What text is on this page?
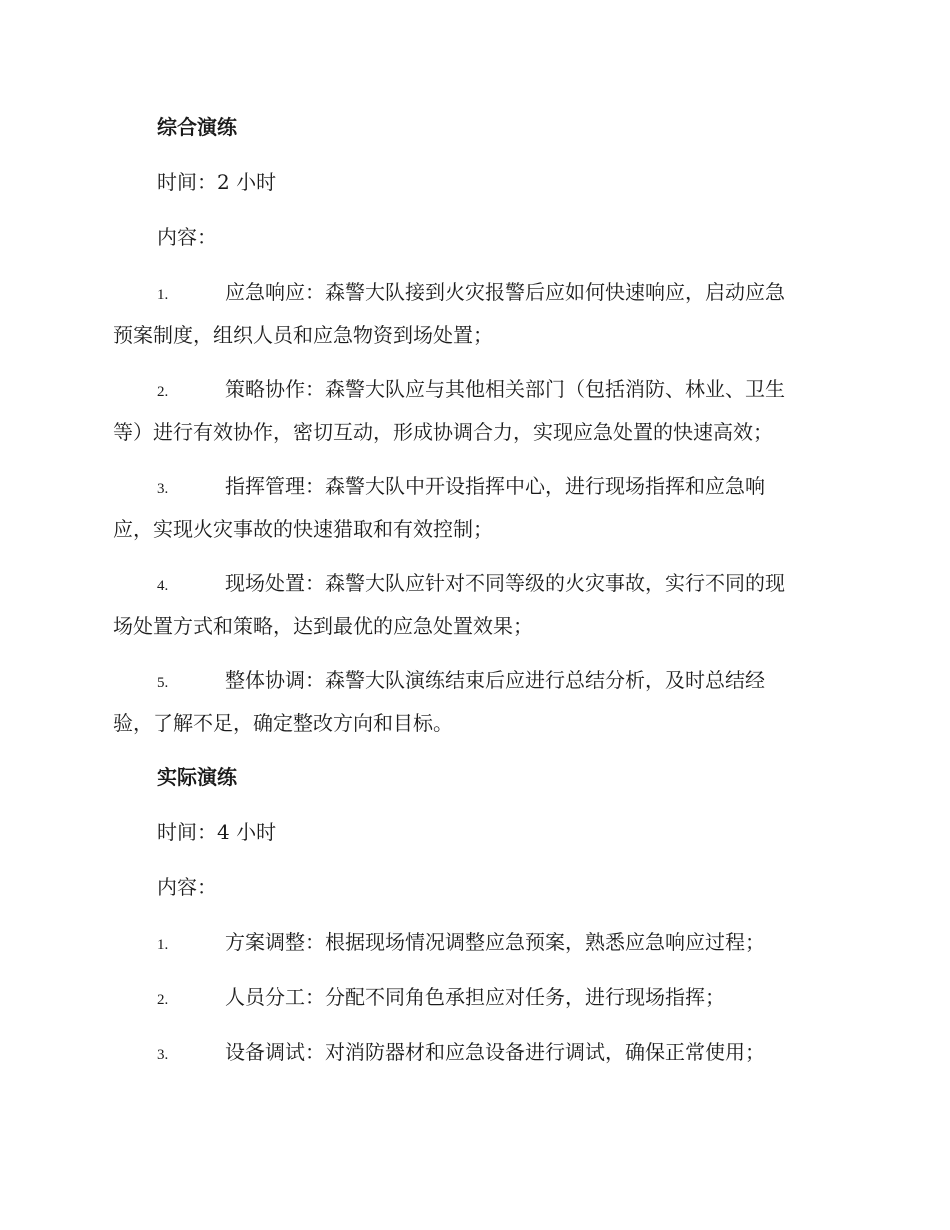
综合演练
时间：2 小时
内容：
1.	应急响应：森警大队接到火灾报警后应如何快速响应，启动应急
预案制度，组织人员和应急物资到场处置；
2.	策略协作：森警大队应与其他相关部门（包括消防、林业、卫生
等）进行有效协作，密切互动，形成协调合力，实现应急处置的快速高效；
3.	指挥管理：森警大队中开设指挥中心，进行现场指挥和应急响
应，实现火灾事故的快速猎取和有效控制；
4.	现场处置：森警大队应针对不同等级的火灾事故，实行不同的现
场处置方式和策略，达到最优的应急处置效果；
5.	整体协调：森警大队演练结束后应进行总结分析，及时总结经
验，了解不足，确定整改方向和目标。
实际演练
时间：4 小时
内容：
1.	方案调整：根据现场情况调整应急预案，熟悉应急响应过程；
2.	人员分工：分配不同角色承担应对任务，进行现场指挥；
3.	设备调试：对消防器材和应急设备进行调试，确保正常使用；
